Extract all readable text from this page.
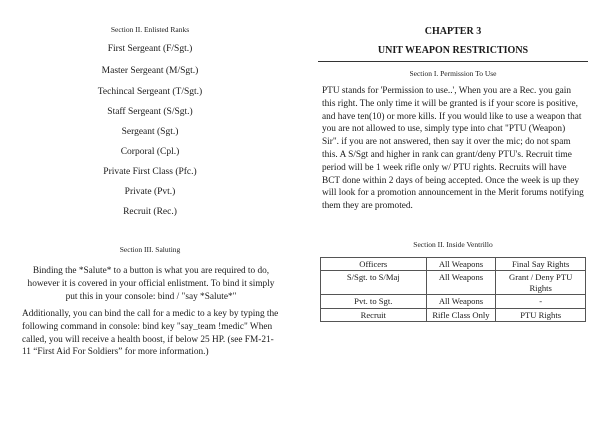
Section II. Enlisted Ranks
First Sergeant (F/Sgt.)
Master Sergeant (M/Sgt.)
Techincal Sergeant (T/Sgt.)
Staff Sergeant (S/Sgt.)
Sergeant (Sgt.)
Corporal (Cpl.)
Private First Class (Pfc.)
Private (Pvt.)
Recruit (Rec.)
Section III. Saluting
Binding the *Salute* to a button is what you are required to do, however it is covered in your official enlistment. To bind it simply put this in your console: bind / "say *Salute*"
Additionally, you can bind the call for a medic to a key by typing the following command in console: bind key "say_team !medic" When called, you will receive a health boost, if below 25 HP. (see FM-21-11 “First Aid For Soldiers” for more information.)
CHAPTER 3
UNIT WEAPON RESTRICTIONS
Section I. Permission To Use
PTU stands for 'Permission to use..', When you are a Rec. you gain this right. The only time it will be granted is if your score is positive, and have ten(10) or more kills. If you would like to use a weapon that you are not allowed to use, simply type into chat "PTU (Weapon) Sir". if you are not answered, then say it over the mic; do not spam this. A S/Sgt and higher in rank can grant/deny PTU's. Recruit time period will be 1 week rifle only w/ PTU rights. Recruits will have BCT done within 2 days of being accepted. Once the week is up they will look for a promotion announcement in the Merit forums notifying them they are promoted.
Section II. Inside Ventrillo
Officers	All Weapons	Final Say Rights
S/Sgt. to S/Maj	All Weapons	Grant / Deny PTU Rights
Pvt. to Sgt.	All Weapons	-
Recruit	Rifle Class Only	PTU Rights
